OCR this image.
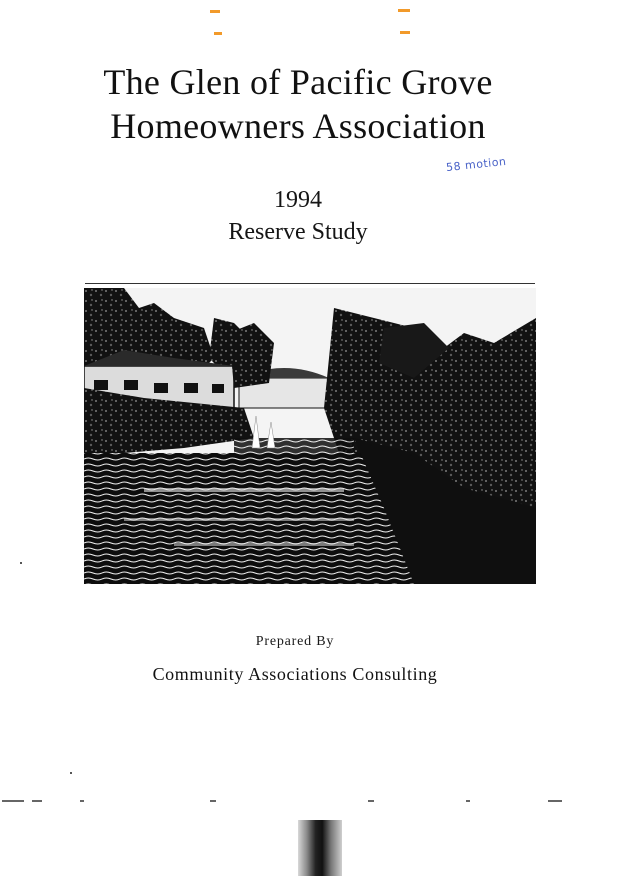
The Glen of Pacific Grove
Homeowners Association
58 motion
1994
Reserve Study
Prepared By
Community Associations Consulting
